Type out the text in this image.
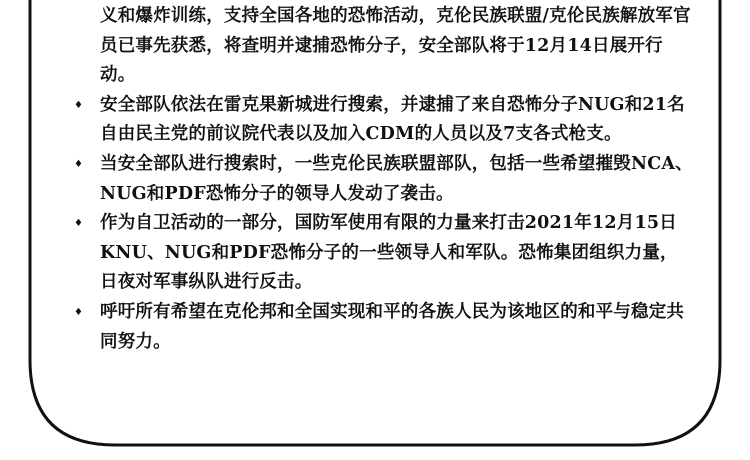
义和爆炸训练，支持全国各地的恐怖活动，克伦民族联盟/克伦民族解放军官员已事先获悉，将查明并逮捕恐怖分子，安全部队将于12月14日展开行动。

♦ 安全部队依法在雷克果新城进行搜索，并逮捕了来自恐怖分子NUG和21名自由民主党的前议院代表以及加入CDM的人员以及7支各式枪支。
♦ 当安全部队进行搜索时，一些克伦民族联盟部队，包括一些希望摧毁NCA、NUG和PDF恐怖分子的领导人发动了袭击。
♦ 作为自卫活动的一部分，国防军使用有限的力量来打击2021年12月15日KNU、NUG和PDF恐怖分子的一些领导人和军队。恐怖集团组织力量，日夜对军事纵队进行反击。
♦ 呼吁所有希望在克伦邦和全国实现和平的各族人民为该地区的和平与稳定共同努力。
